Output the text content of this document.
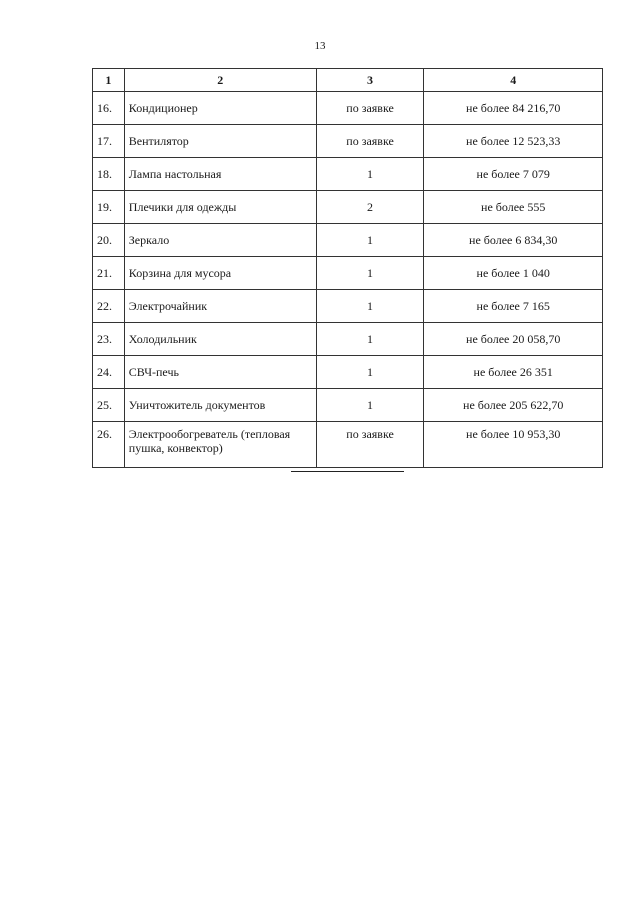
13
1	2	3	4
16.	Кондиционер	по заявке	не более 84 216,70
17.	Вентилятор	по заявке	не более 12 523,33
18.	Лампа настольная	1	не более 7 079
19.	Плечики для одежды	2	не более 555
20.	Зеркало	1	не более 6 834,30
21.	Корзина для мусора	1	не более 1 040
22.	Электрочайник	1	не более 7 165
23.	Холодильник	1	не более 20 058,70
24.	СВЧ-печь	1	не более 26 351
25.	Уничтожитель документов	1	не более 205 622,70
26.	Электрообогреватель (тепловая пушка, конвектор)	по заявке	не более 10 953,30
